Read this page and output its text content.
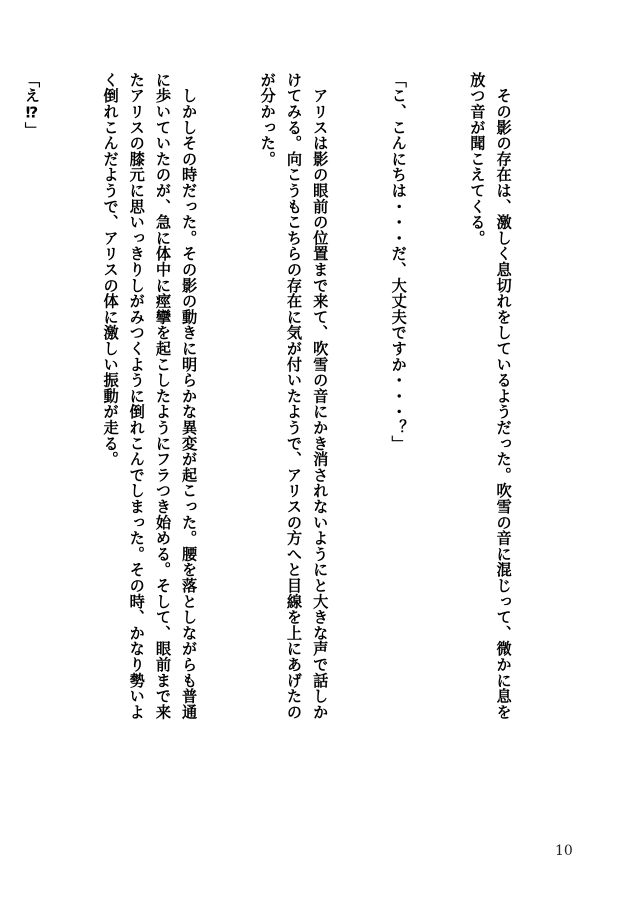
　その影の存在は、激しく息切れをしているようだった。吹雪の音に混じって、微かに息を放つ音が聞こえてくる。

「こ、こんにちは・・・だ、大丈夫ですか・・・？」

　アリスは影の眼前の位置まで来て、吹雪の音にかき消されないようにと大きな声で話しかけてみる。向こうもこちらの存在に気が付いたようで、アリスの方へと目線を上にあげたのが分かった。

　しかしその時だった。その影の動きに明らかな異変が起こった。腰を落としながらも普通に歩いていたのが、急に体中に痙攣を起こしたようにフラつき始める。そして、眼前まで来たアリスの膝元に思いっきりしがみつくように倒れこんでしまった。その時、かなり勢いよく倒れこんだようで、アリスの体に激しい振動が走る。

「え⁉」

10
